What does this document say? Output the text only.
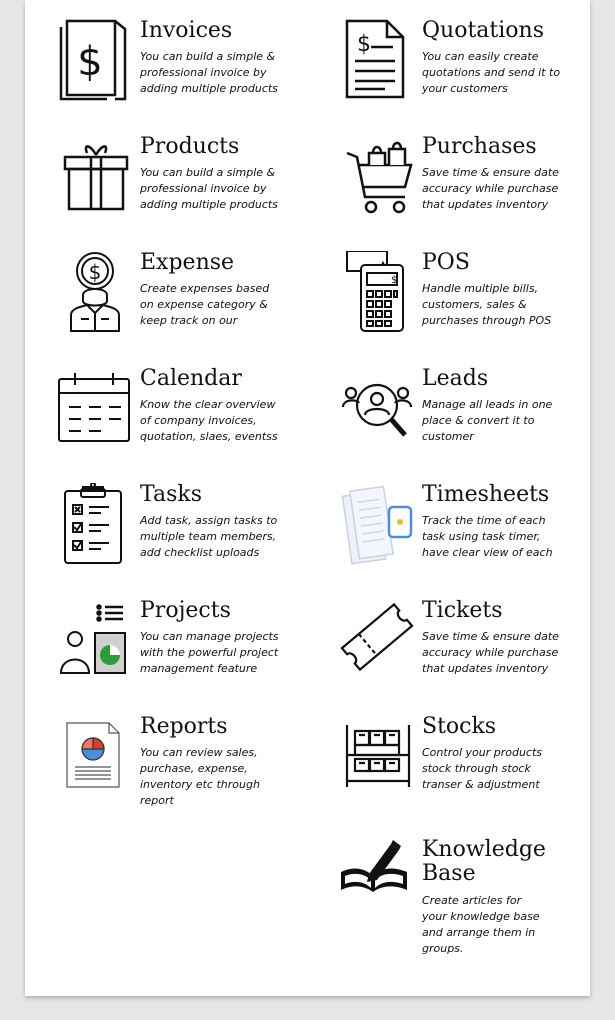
$
Invoices
You can build a simple &
professional invoice by
adding multiple products
$
Quotations
You can easily create
quotations and send it to
your customers
Products
You can build a simple &
professional invoice by
adding multiple products
Purchases
Save time & ensure date
accuracy while purchase
that updates inventory
$ Expense
Create expenses based
on expense category &
keep track on our
$
POS
Handle multiple bills,
customers, sales &
purchases through POS
Calendar
Know the clear overview
of company invoices,
quotation, slaes, eventss
Leads
Manage all leads in one
place & convert it to
customer
Tasks
Add task, assign tasks to
multiple team members,
add checklist uploads
Timesheets
Track the time of each
task using task timer,
have clear view of each
Projects
You can manage projects
with the powerful project
management feature
Tickets
Save time & ensure date
accuracy while purchase
that updates inventory
Reports
You can review sales,
purchase, expense,
inventory etc through
report
Stocks
Control your products
stock through stock
transer & adjustment
Knowledge
Base
Create articles for
your knowledge base
and arrange them in
groups.
